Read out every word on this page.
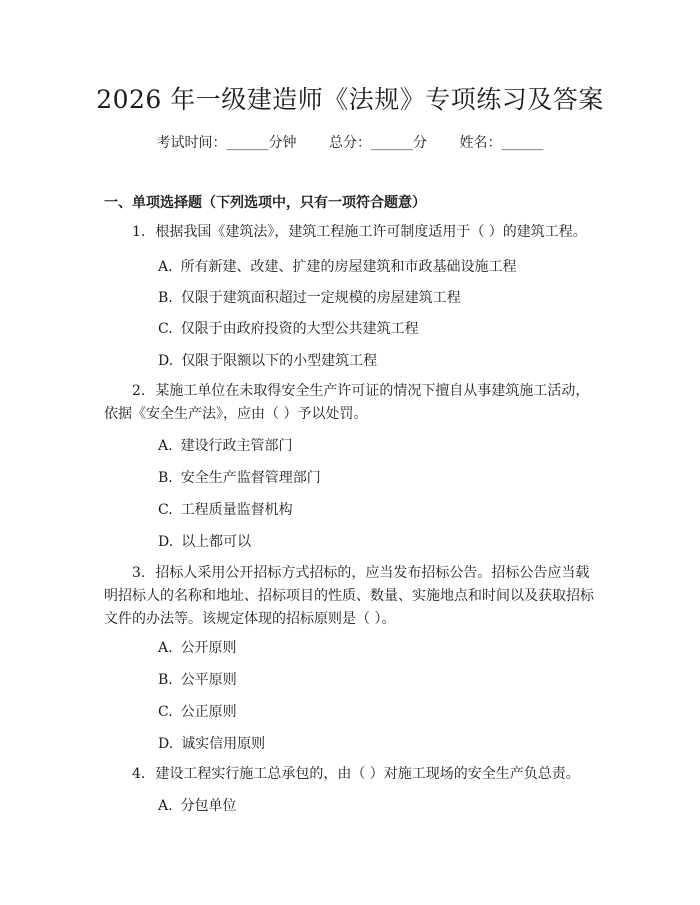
2026 年一级建造师《法规》专项练习及答案
考试时间：______分钟 总分：______分 姓名：______
一、单项选择题（下列选项中，只有一项符合题意）
1. 根据我国《建筑法》，建筑工程施工许可制度适用于（ ）的建筑工程。
A. 所有新建、改建、扩建的房屋建筑和市政基础设施工程
B. 仅限于建筑面积超过一定规模的房屋建筑工程
C. 仅限于由政府投资的大型公共建筑工程
D. 仅限于限额以下的小型建筑工程
2. 某施工单位在未取得安全生产许可证的情况下擅自从事建筑施工活动，依据《安全生产法》，应由（ ）予以处罚。
A. 建设行政主管部门
B. 安全生产监督管理部门
C. 工程质量监督机构
D. 以上都可以
3. 招标人采用公开招标方式招标的，应当发布招标公告。招标公告应当载明招标人的名称和地址、招标项目的性质、数量、实施地点和时间以及获取招标文件的办法等。该规定体现的招标原则是（ ）。
A. 公开原则
B. 公平原则
C. 公正原则
D. 诚实信用原则
4. 建设工程实行施工总承包的，由（ ）对施工现场的安全生产负总责。
A. 分包单位
